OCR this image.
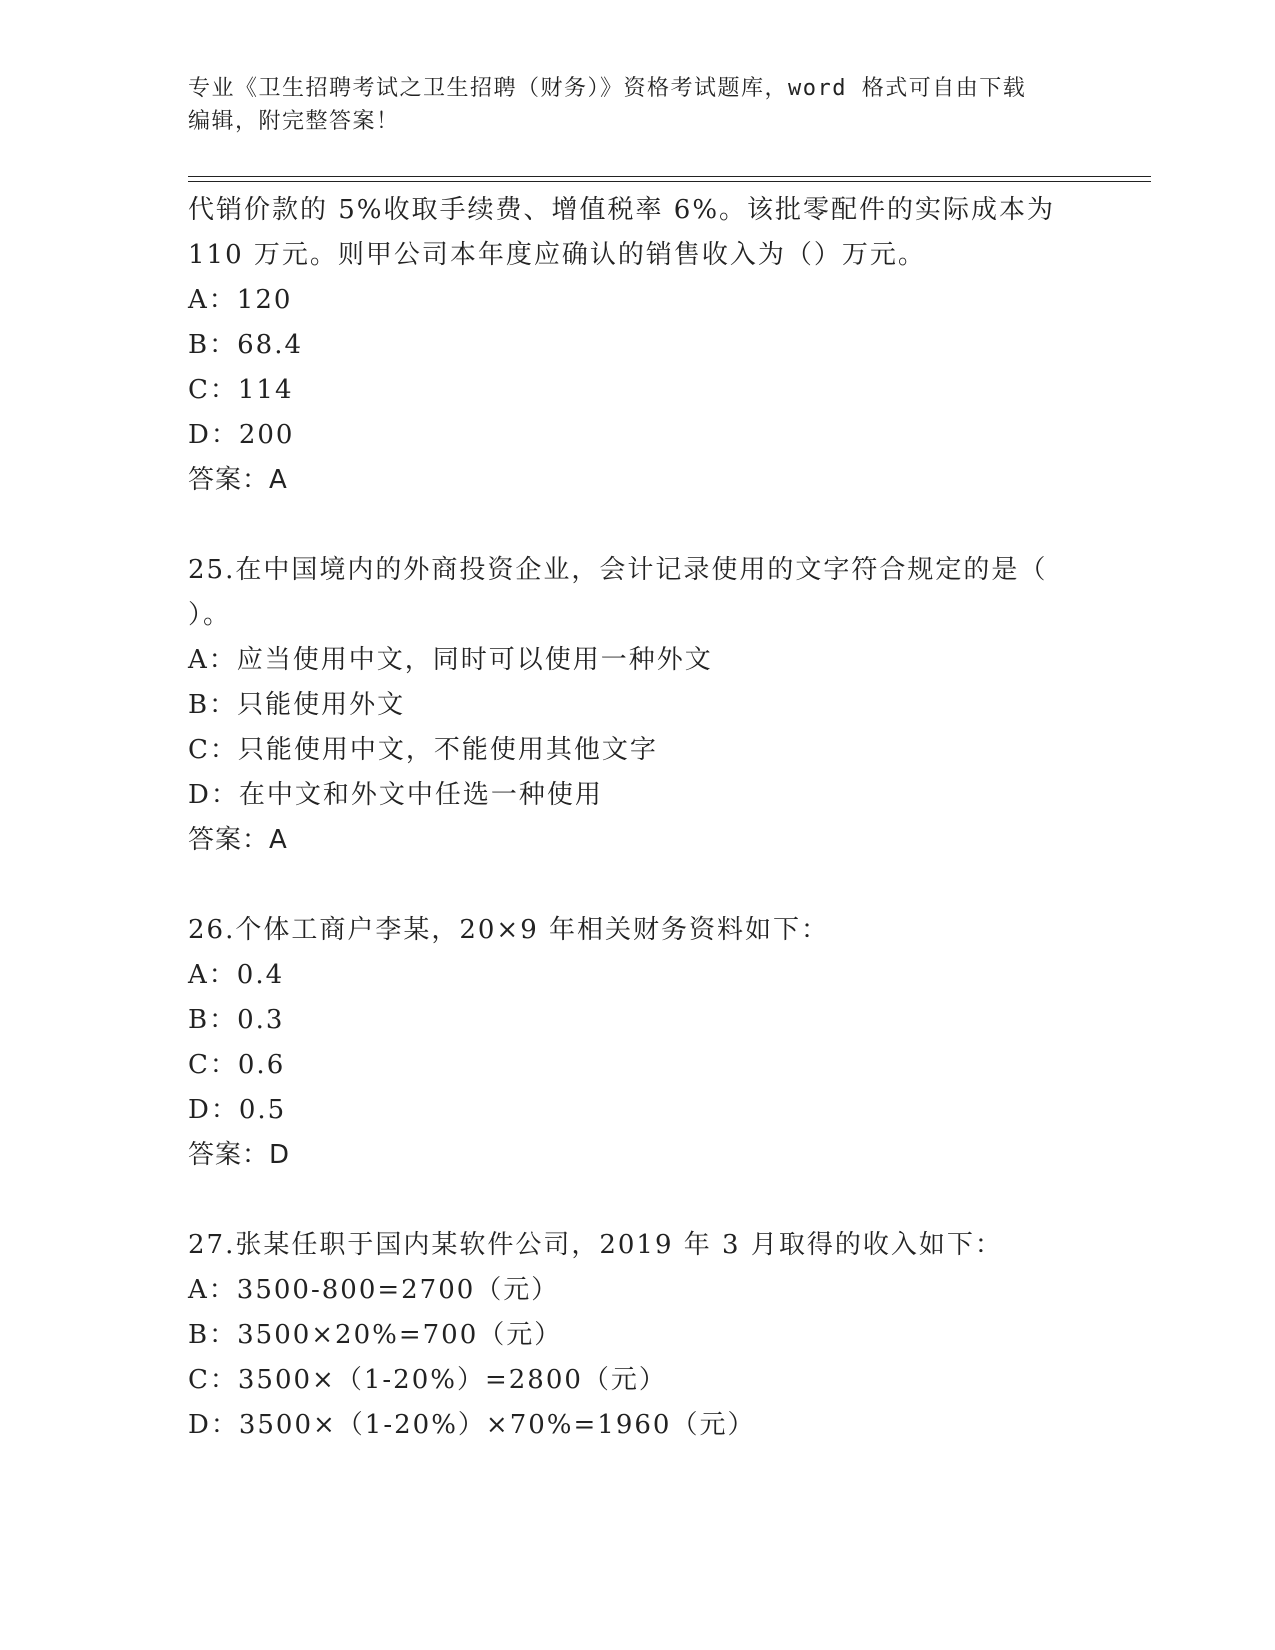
专业《卫生招聘考试之卫生招聘（财务）》资格考试题库，word 格式可自由下载
编辑，附完整答案！
代销价款的 5%收取手续费、增值税率 6%。该批零配件的实际成本为
110 万元。则甲公司本年度应确认的销售收入为（）万元。
A：120
B：68.4
C：114
D：200
答案：A
25.在中国境内的外商投资企业，会计记录使用的文字符合规定的是（
）。
A：应当使用中文，同时可以使用一种外文
B：只能使用外文
C：只能使用中文，不能使用其他文字
D：在中文和外文中任选一种使用
答案：A
26.个体工商户李某，20×9 年相关财务资料如下：
A：0.4
B：0.3
C：0.6
D：0.5
答案：D
27.张某任职于国内某软件公司，2019 年 3 月取得的收入如下：
A：3500-800=2700（元）
B：3500×20%=700（元）
C：3500×（1-20%）=2800（元）
D：3500×（1-20%）×70%=1960（元）
